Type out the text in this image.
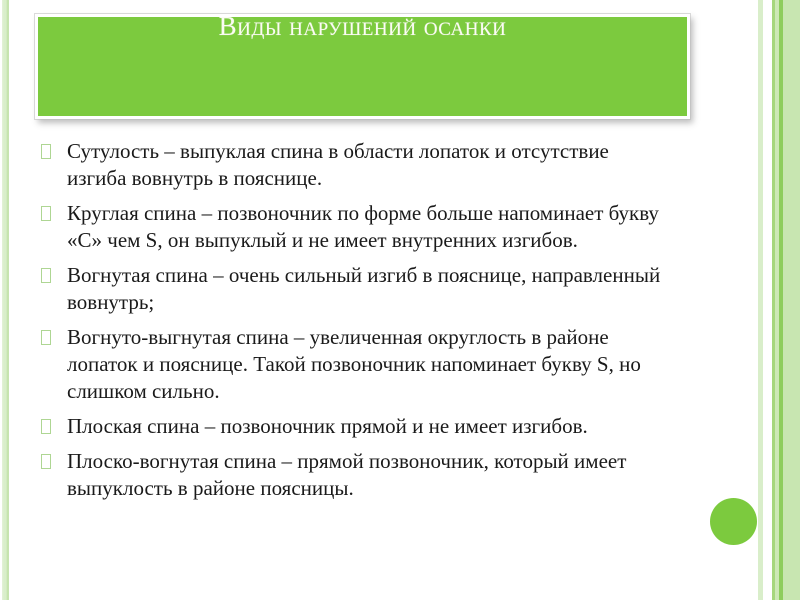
Виды нарушений осанки
Сутулость – выпуклая спина в области лопаток и отсутствие изгиба вовнутрь в пояснице.
Круглая спина – позвоночник по форме больше напоминает букву «С» чем S, он выпуклый и не имеет внутренних изгибов.
Вогнутая спина – очень сильный изгиб в пояснице, направленный вовнутрь;
Вогнуто-выгнутая спина – увеличенная округлость в районе лопаток и пояснице. Такой позвоночник напоминает букву S, но слишком сильно.
Плоская спина – позвоночник прямой и не имеет изгибов.
Плоско-вогнутая спина – прямой позвоночник, который имеет выпуклость в районе поясницы.
